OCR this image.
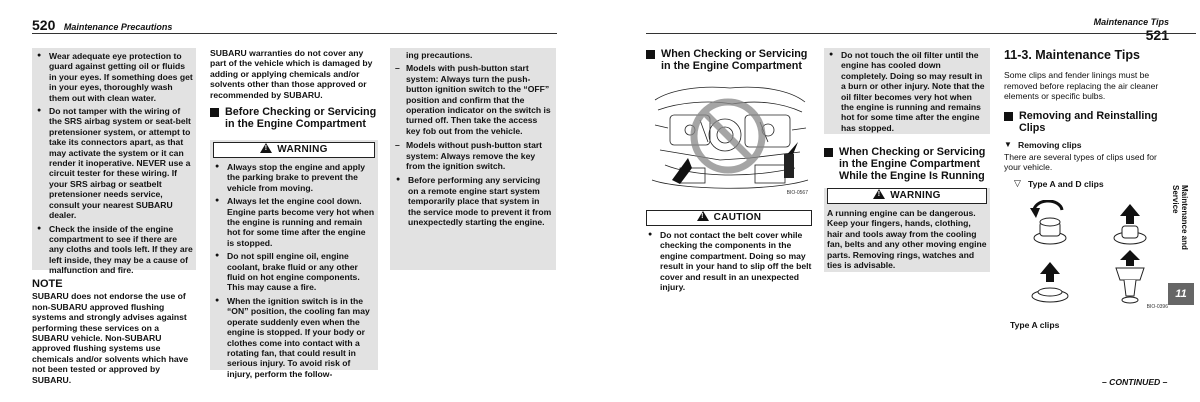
520 Maintenance Precautions
● Wear adequate eye protection to guard against getting oil or fluids in your eyes. If something does get in your eyes, thoroughly wash them out with clean water.
● Do not tamper with the wiring of the SRS airbag system or seat-belt pretensioner system, or attempt to take its connectors apart, as that may activate the system or it can render it inoperative. NEVER use a circuit tester for these wiring. If your SRS airbag or seatbelt pretensioner needs service, consult your nearest SUBARU dealer.
● Check the inside of the engine compartment to see if there are any cloths and tools left. If they are left inside, they may be a cause of malfunction and fire.
NOTE
SUBARU does not endorse the use of non-SUBARU approved flushing systems and strongly advises against performing these services on a SUBARU vehicle. Non-SUBARU approved flushing systems use chemicals and/or solvents which have not been tested or approved by SUBARU.
SUBARU warranties do not cover any part of the vehicle which is damaged by adding or applying chemicals and/or solvents other than those approved or recommended by SUBARU.
Before Checking or Servicing in the Engine Compartment
! WARNING
● Always stop the engine and apply the parking brake to prevent the vehicle from moving.
● Always let the engine cool down. Engine parts become very hot when the engine is running and remain hot for some time after the engine is stopped.
● Do not spill engine oil, engine coolant, brake fluid or any other fluid on hot engine components. This may cause a fire.
● When the ignition switch is in the “ON” position, the cooling fan may operate suddenly even when the engine is stopped. If your body or clothes come into contact with a rotating fan, that could result in serious injury. To avoid risk of injury, perform the follow-
ing precautions.
– Models with push-button start system: Always turn the push-button ignition switch to the “OFF” position and confirm that the operation indicator on the switch is turned off. Then take the access key fob out from the vehicle.
– Models without push-button start system: Always remove the key from the ignition switch.
● Before performing any servicing on a remote engine start system temporarily place that system in the service mode to prevent it from unexpectedly starting the engine.
Maintenance Tips 521
When Checking or Servicing in the Engine Compartment
BIO-0567
! CAUTION
● Do not contact the belt cover while checking the components in the engine compartment. Doing so may result in your hand to slip off the belt cover and result in an unexpected injury.
● Do not touch the oil filter until the engine has cooled down completely. Doing so may result in a burn or other injury. Note that the oil filter becomes very hot when the engine is running and remains hot for some time after the engine has stopped.
When Checking or Servicing in the Engine Compartment While the Engine Is Running
! WARNING
A running engine can be dangerous. Keep your fingers, hands, clothing, hair and tools away from the cooling fan, belts and any other moving engine parts. Removing rings, watches and ties is advisable.
11-3. Maintenance Tips
Some clips and fender linings must be removed before replacing the air cleaner elements or specific bulbs.
Removing and Reinstalling Clips
▼ Removing clips
There are several types of clips used for your vehicle.
▽ Type A and D clips
BIO-0396
Type A clips
Maintenance and Service
11
– CONTINUED –
